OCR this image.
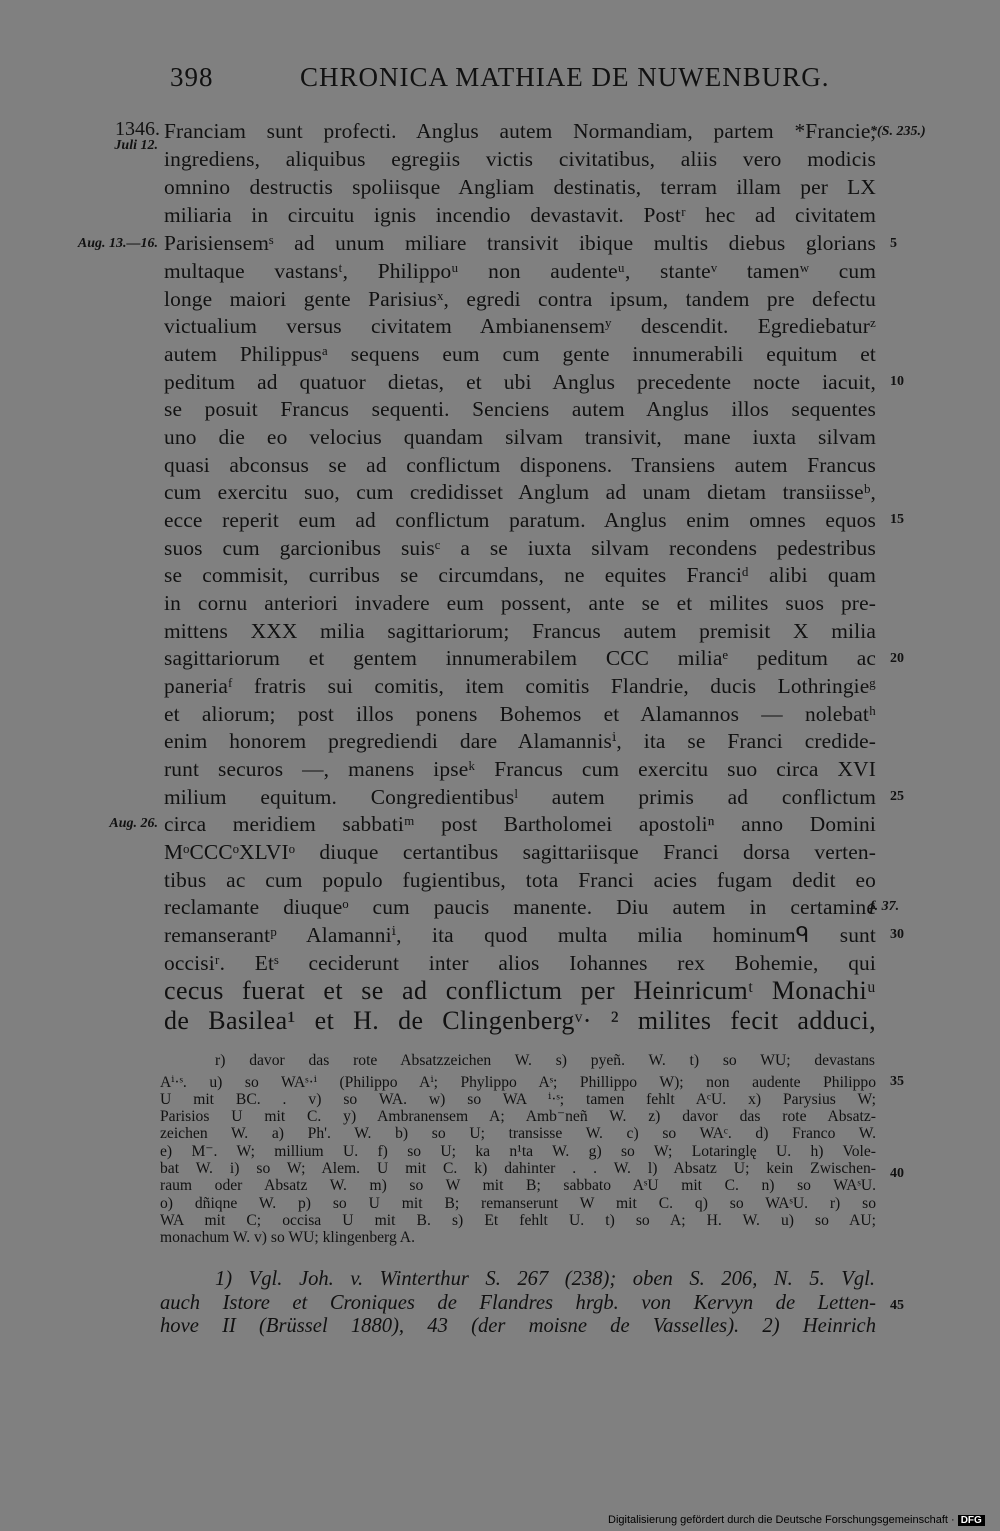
398	CHRONICA MATHIAE DE NUWENBURG.
1346.
Juli 12.
Aug. 13.—16.
Aug. 26.
*(S. 235.)
f. 37.
Franciam sunt profecti. Anglus autem Normandiam, partem *Francie,
ingrediens, aliquibus egregiis victis civitatibus, aliis vero modicis
omnino destructis spoliisque Angliam destinatis, terram illam per LX
miliaria in circuitu ignis incendio devastavit. Postʳ hec ad civitatem
Parisiensemˢ ad unum miliare transivit ibique multis diebus glorians
multaque vastansᵗ, Philippoᵘ non audenteᵘ, stanteᵛ tamenʷ cum
longe maiori gente Parisiusˣ, egredi contra ipsum, tandem pre defectu
victualium versus civitatem Ambianensemʸ descendit. Egrediebaturᶻ
autem Philippusᵃ sequens eum cum gente innumerabili equitum et
peditum ad quatuor dietas, et ubi Anglus precedente nocte iacuit,
se posuit Francus sequenti. Senciens autem Anglus illos sequentes
uno die eo velocius quandam silvam transivit, mane iuxta silvam
quasi abconsus se ad conflictum disponens. Transiens autem Francus
cum exercitu suo, cum credidisset Anglum ad unam dietam transiisseᵇ,
ecce reperit eum ad conflictum paratum. Anglus enim omnes equos
suos cum garcionibus suisᶜ a se iuxta silvam recondens pedestribus
se commisit, curribus se circumdans, ne equites Franciᵈ alibi quam
in cornu anteriori invadere eum possent, ante se et milites suos pre-
mittens XXX milia sagittariorum; Francus autem premisit X milia
sagittariorum et gentem innumerabilem CCC miliaᵉ peditum ac
paneriaᶠ fratris sui comitis, item comitis Flandrie, ducis Lothringieᵍ
et aliorum; post illos ponens Bohemos et Alamannos — nolebatʰ
enim honorem pregrediendi dare Alamannisⁱ, ita se Franci credide-
runt securos —, manens ipseᵏ Francus cum exercitu suo circa XVI
milium equitum. Congredientibusˡ autem primis ad conflictum
circa meridiem sabbatiᵐ post Bartholomei apostoliⁿ anno Domini
MᵒCCCᵒXLVIᵒ diuque certantibus sagittariisque Franci dorsa verten-
tibus ac cum populo fugientibus, tota Franci acies fugam dedit eo
reclamante diuqueᵒ cum paucis manente. Diu autem in certamine
remanserantᵖ Alamanniⁱ, ita quod multa milia hominumᑫ sunt
occisiʳ. Etˢ ceciderunt inter alios Iohannes rex Bohemie, qui
cecus fuerat et se ad conflictum per Heinricumᵗ Monachiᵘ
de Basilea¹ et H. de Clingenbergᵛ· ² milites fecit adduci,
5
10
15
20
25
30
35
40
45
r) davor das rote Absatzzeichen W. s) pyeñ. W. t) so WU; devastans
Aⁱ·ˢ. u) so WAˢ·ⁱ (Philippo Aⁱ; Phylippo Aˢ; Phillippo W); non audente Philippo
U mit BC. . v) so WA. w) so WA ⁱ·ˢ; tamen fehlt AᶜU. x) Parysius W;
Parisios U mit C. y) Ambranensem A; Amb⁻neñ W. z) davor das rote Absatz-
zeichen W. a) Ph'. W. b) so U; transisse W. c) so WAᶜ. d) Franco W.
e) M⁻. W; millium U. f) so U; ka n¹ta W. g) so W; Lotaringlę U. h) Vole-
bat W. i) so W; Alem. U mit C. k) dahinter . . W. l) Absatz U; kein Zwischen-
raum oder Absatz W. m) so W mit B; sabbato AˢU mit C. n) so WAˢU.
o) dñiqne W. p) so U mit B; remanserunt W mit C. q) so WAˢU. r) so
WA mit C; occisa U mit B. s) Et fehlt U. t) so A; H. W. u) so AU;
monachum W. v) so WU; klingenberg A.
1) Vgl. Joh. v. Winterthur S. 267 (238); oben S. 206, N. 5. Vgl.
auch Istore et Croniques de Flandres hrgb. von Kervyn de Letten-
hove II (Brüssel 1880), 43 (der moisne de Vasselles). 2) Heinrich
Digitalisierung gefördert durch die Deutsche Forschungsgemeinschaft · DFG
